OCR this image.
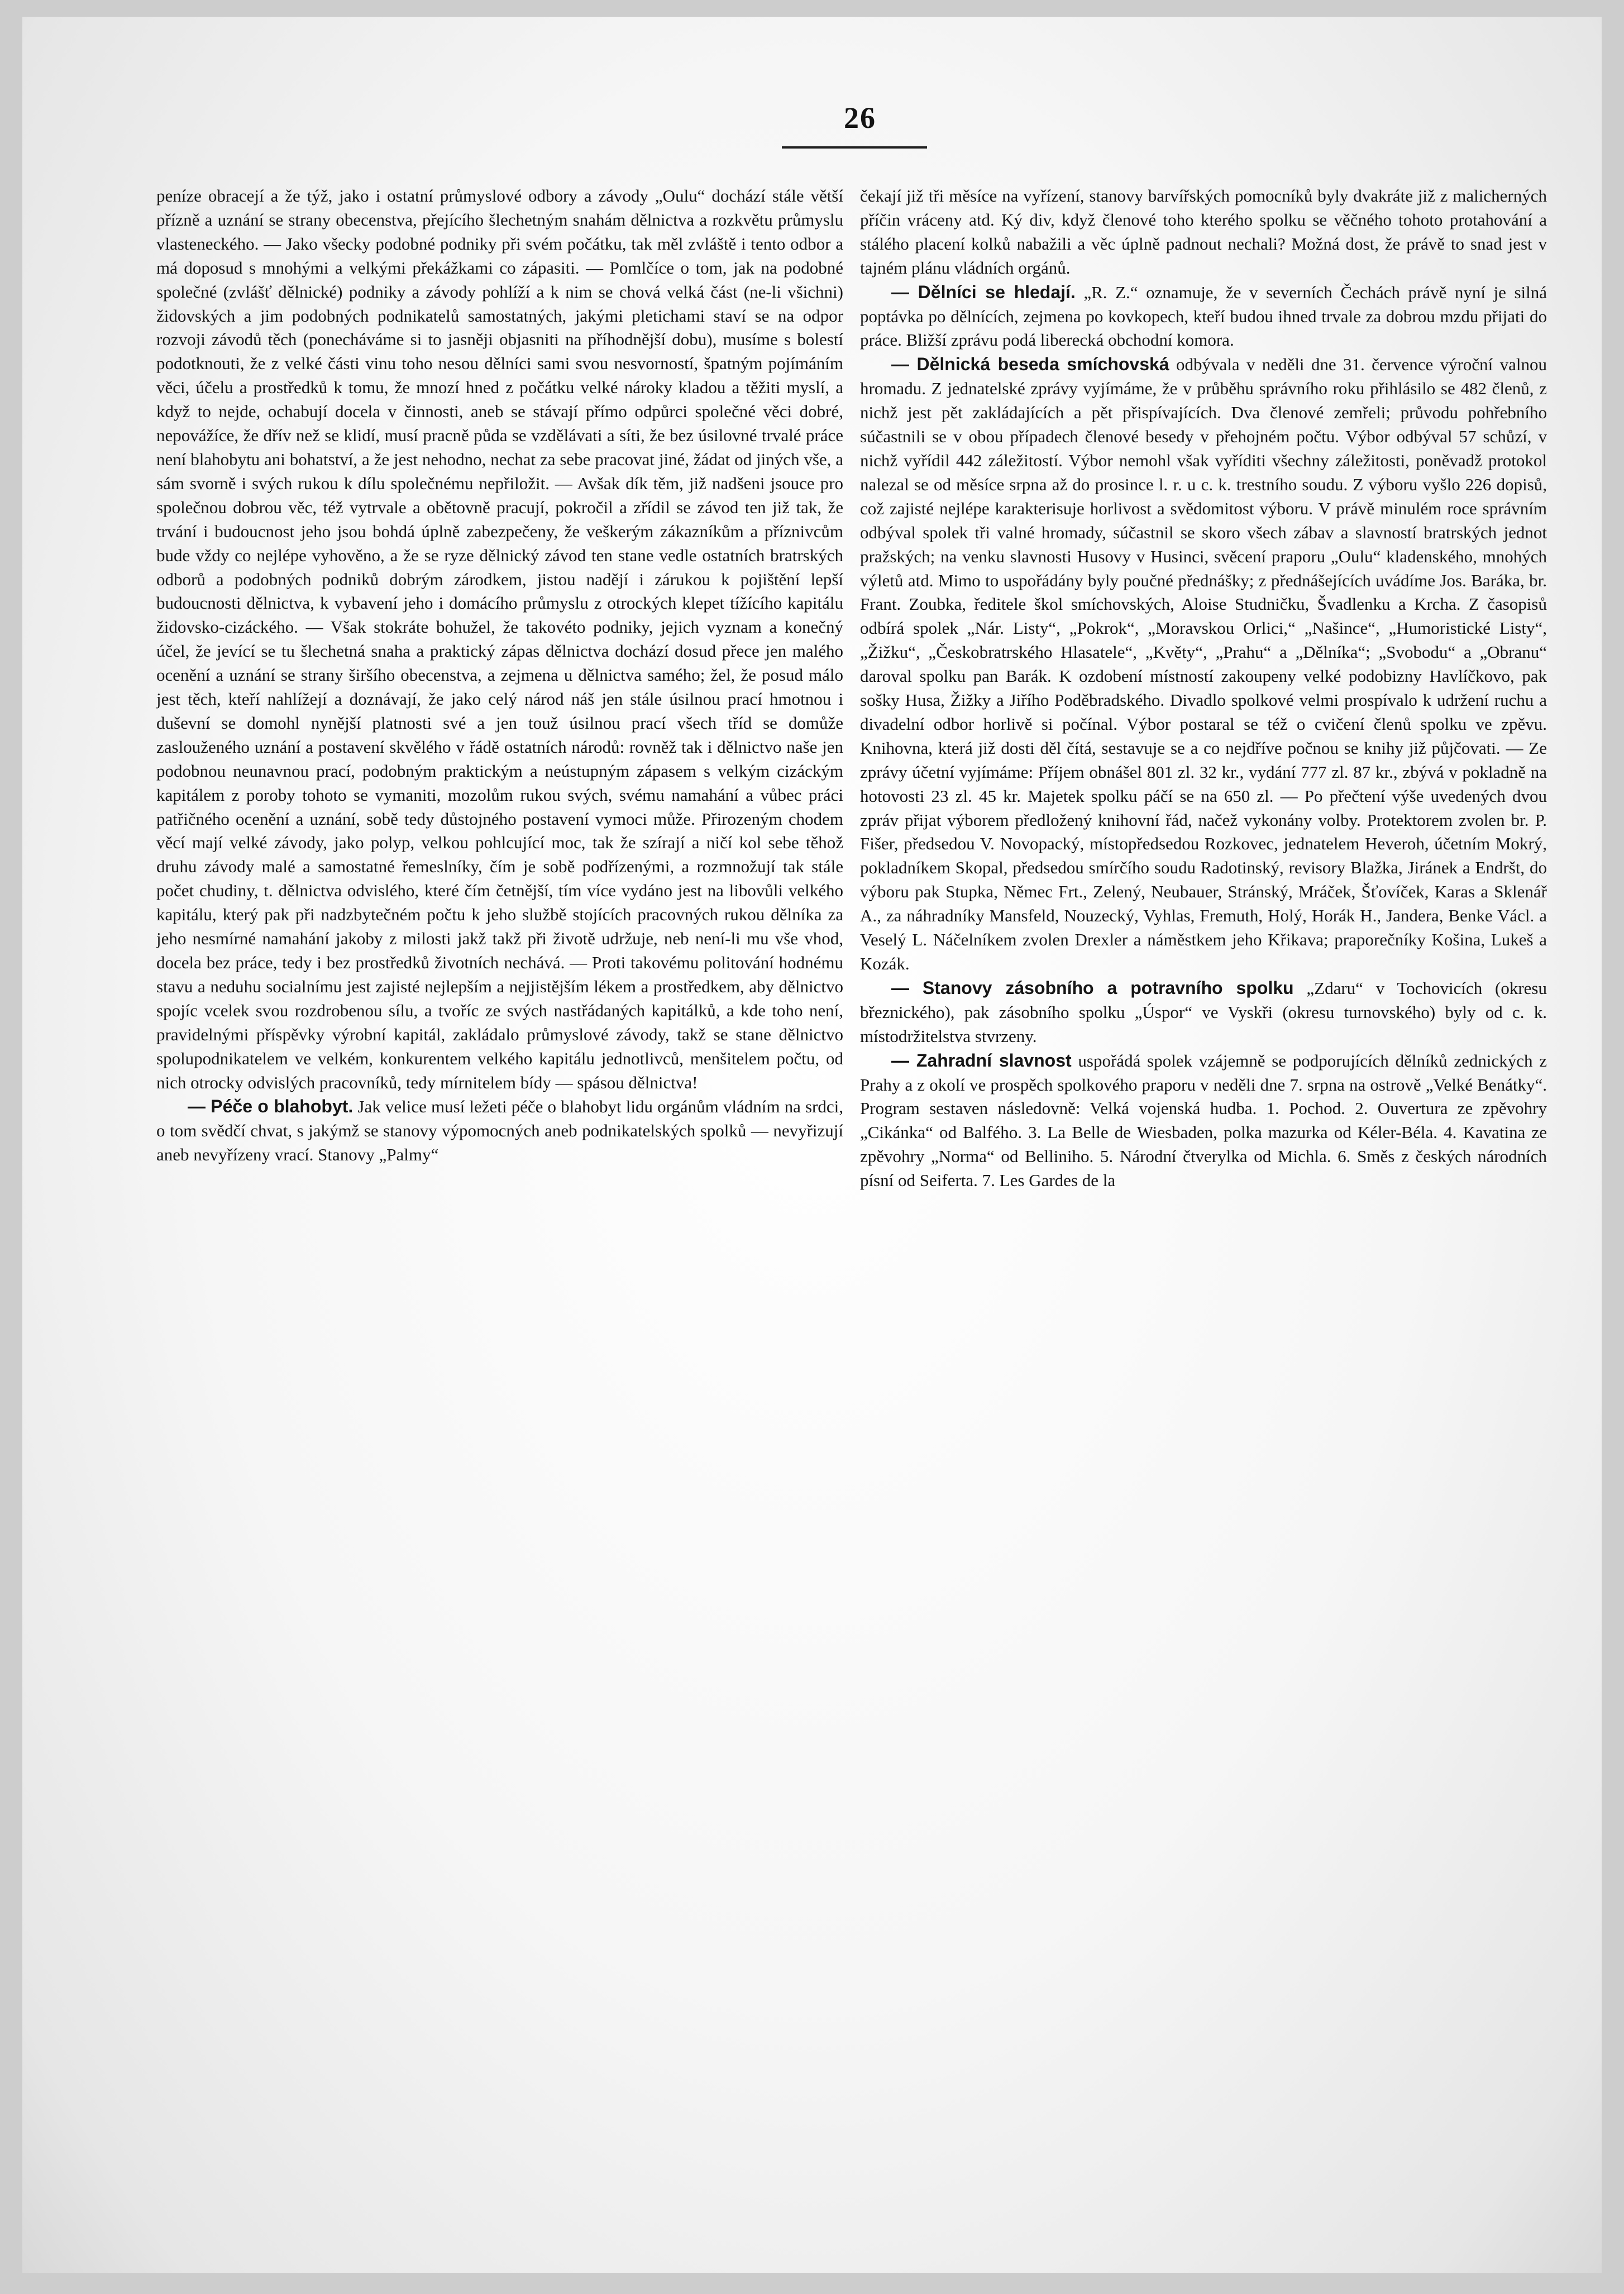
26

peníze obracejí a že týž, jako i ostatní průmyslové odbory a závody „Oulu“ dochází stále větší přízně a uznání se strany obecenstva, přejícího šlechetným snahám dělnictva a rozkvětu průmyslu vlasteneckého. — Jako všecky podobné podniky při svém počátku, tak měl zvláště i tento odbor a má doposud s mnohými a velkými překážkami co zápasiti. — Pomlčíce o tom, jak na podobné společné (zvlášť dělnické) podniky a závody pohlíží a k nim se chová velká část (ne-li všichni) židovských a jim podobných podnikatelů samostatných, jakými pletichami staví se na odpor rozvoji závodů těch (ponecháváme si to jasněji objasniti na příhodnější dobu), musíme s bolestí podotknouti, že z velké části vinu toho nesou dělníci sami svou nesvorností, špatným pojímáním věci, účelu a prostředků k tomu, že mnozí hned z počátku velké nároky kladou a těžiti myslí, a když to nejde, ochabují docela v činnosti, aneb se stávají přímo odpůrci společné věci dobré, nepovážíce, že dřív než se klidí, musí pracně půda se vzdělávati a síti, že bez úsilovné trvalé práce není blahobytu ani bohatství, a že jest nehodno, nechat za sebe pracovat jiné, žádat od jiných vše, a sám svorně i svých rukou k dílu společnému nepřiložit. — Avšak dík těm, již nadšeni jsouce pro společnou dobrou věc, též vytrvale a obětovně pracují, pokročil a zřídil se závod ten již tak, že trvání i budoucnost jeho jsou bohdá úplně zabezpečeny, že veškerým zákazníkům a příznivcům bude vždy co nejlépe vyhověno, a že se ryze dělnický závod ten stane vedle ostatních bratrských odborů a podobných podniků dobrým zárodkem, jistou nadějí i zárukou k pojištění lepší budoucnosti dělnictva, k vybavení jeho i domácího průmyslu z otrockých klepet tížícího kapitálu židovsko-cizáckého. — Však stokráte bohužel, že takovéto podniky, jejich vyznam a konečný účel, že jevící se tu šlechetná snaha a praktický zápas dělnictva dochází dosud přece jen malého ocenění a uznání se strany širšího obecenstva, a zejmena u dělnictva samého; žel, že posud málo jest těch, kteří nahlížejí a doznávají, že jako celý národ náš jen stále úsilnou prací hmotnou i duševní se domohl nynější platnosti své a jen touž úsilnou prací všech tříd se domůže zaslouženého uznání a postavení skvělého v řádě ostatních národů: rovněž tak i dělnictvo naše jen podobnou neunavnou prací, podobným praktickým a neústupným zápasem s velkým cizáckým kapitálem z poroby tohoto se vymaniti, mozolům rukou svých, svému namahání a vůbec práci patřičného ocenění a uznání, sobě tedy důstojného postavení vymoci může. Přirozeným chodem věcí mají velké závody, jako polyp, velkou pohlcující moc, tak že szírají a ničí kol sebe těhož druhu závody malé a samostatné řemeslníky, čím je sobě podřízenými, a rozmnožují tak stále počet chudiny, t. dělnictva odvislého, které čím četnější, tím více vydáno jest na libovůli velkého kapitálu, který pak při nadzbytečném počtu k jeho službě stojících pracovných rukou dělníka za jeho nesmírné namahání jakoby z milosti jakž takž při životě udržuje, neb není-li mu vše vhod, docela bez práce, tedy i bez prostředků životních nechává. — Proti takovému politování hodnému stavu a neduhu socialnímu jest zajisté nejlepším a nejjistějším lékem a prostředkem, aby dělnictvo spojíc vcelek svou rozdrobenou sílu, a tvoříc ze svých nastřádaných kapitálků, a kde toho není, pravidelnými příspěvky výrobní kapitál, zakládalo průmyslové závody, takž se stane dělnictvo spolupodnikatelem ve velkém, konkurentem velkého kapitálu jednotlivců, menšitelem počtu, od nich otrocky odvislých pracovníků, tedy mírnitelem bídy — spásou dělnictva!

— Péče o blahobyt. Jak velice musí ležeti péče o blahobyt lidu orgánům vládním na srdci, o tom svědčí chvat, s jakýmž se stanovy výpomocných aneb podnikatelských spolků — nevyřizují aneb nevyřízeny vrací. Stanovy „Palmy“

čekají již tři měsíce na vyřízení, stanovy barvířských pomocníků byly dvakráte již z malicherných příčin vráceny atd. Ký div, když členové toho kterého spolku se věčného tohoto protahování a stálého placení kolků nabažili a věc úplně padnout nechali? Možná dost, že právě to snad jest v tajném plánu vládních orgánů.

— Dělníci se hledají. „R. Z.“ oznamuje, že v severních Čechách právě nyní je silná poptávka po dělnících, zejmena po kovkopech, kteří budou ihned trvale za dobrou mzdu přijati do práce. Bližší zprávu podá liberecká obchodní komora.

— Dělnická beseda smíchovská odbývala v neděli dne 31. července výroční valnou hromadu. Z jednatelské zprávy vyjímáme, že v průběhu správního roku přihlásilo se 482 členů, z nichž jest pět zakládajících a pět přispívajících. Dva členové zemřeli; průvodu pohřebního súčastnili se v obou případech členové besedy v přehojném počtu. Výbor odbýval 57 schůzí, v nichž vyřídil 442 záležitostí. Výbor nemohl však vyříditi všechny záležitosti, poněvadž protokol nalezal se od měsíce srpna až do prosince l. r. u c. k. trestního soudu. Z výboru vyšlo 226 dopisů, což zajisté nejlépe karakterisuje horlivost a svědomitost výboru. V právě minulém roce správním odbýval spolek tři valné hromady, súčastnil se skoro všech zábav a slavností bratrských jednot pražských; na venku slavnosti Husovy v Husinci, svěcení praporu „Oulu“ kladenského, mnohých výletů atd. Mimo to uspořádány byly poučné přednášky; z přednášejících uvádíme Jos. Baráka, br. Frant. Zoubka, ředitele škol smíchovských, Aloise Studničku, Švadlenku a Krcha. Z časopisů odbírá spolek „Nár. Listy“, „Pokrok“, „Moravskou Orlici,“ „Našince“, „Humoristické Listy“, „Žižku“, „Českobratrského Hlasatele“, „Květy“, „Prahu“ a „Dělníka“; „Svobodu“ a „Obranu“ daroval spolku pan Barák. K ozdobení místností zakoupeny velké podobizny Havlíčkovo, pak sošky Husa, Žižky a Jiřího Poděbradského. Divadlo spolkové velmi prospívalo k udržení ruchu a divadelní odbor horlivě si počínal. Výbor postaral se též o cvičení členů spolku ve zpěvu. Knihovna, která již dosti děl čítá, sestavuje se a co nejdříve počnou se knihy již půjčovati. — Ze zprávy účetní vyjímáme: Příjem obnášel 801 zl. 32 kr., vydání 777 zl. 87 kr., zbývá v pokladně na hotovosti 23 zl. 45 kr. Majetek spolku páčí se na 650 zl. — Po přečtení výše uvedených dvou zpráv přijat výborem předložený knihovní řád, načež vykonány volby. Protektorem zvolen br. P. Fišer, předsedou V. Novopacký, místopředsedou Rozkovec, jednatelem Heveroh, účetním Mokrý, pokladníkem Skopal, předsedou smírčího soudu Radotinský, revisory Blažka, Jiránek a Endršt, do výboru pak Stupka, Němec Frt., Zelený, Neubauer, Stránský, Mráček, Šťovíček, Karas a Sklenář A., za náhradníky Mansfeld, Nouzecký, Vyhlas, Fremuth, Holý, Horák H., Jandera, Benke Václ. a Veselý L. Náčelníkem zvolen Drexler a náměstkem jeho Křikava; praporečníky Košina, Lukeš a Kozák.

— Stanovy zásobního a potravního spolku „Zdaru“ v Tochovicích (okresu březnického), pak zásobního spolku „Úspor“ ve Vyskři (okresu turnovského) byly od c. k. místodržitelstva stvrzeny.

— Zahradní slavnost uspořádá spolek vzájemně se podporujících dělníků zednických z Prahy a z okolí ve prospěch spolkového praporu v neděli dne 7. srpna na ostrově „Velké Benátky“. Program sestaven následovně: Velká vojenská hudba. 1. Pochod. 2. Ouvertura ze zpěvohry „Cikánka“ od Balfého. 3. La Belle de Wiesbaden, polka mazurka od Kéler-Béla. 4. Kavatina ze zpěvohry „Norma“ od Belliniho. 5. Národní čtverylka od Michla. 6. Směs z českých národních písní od Seiferta. 7. Les Gardes de la
